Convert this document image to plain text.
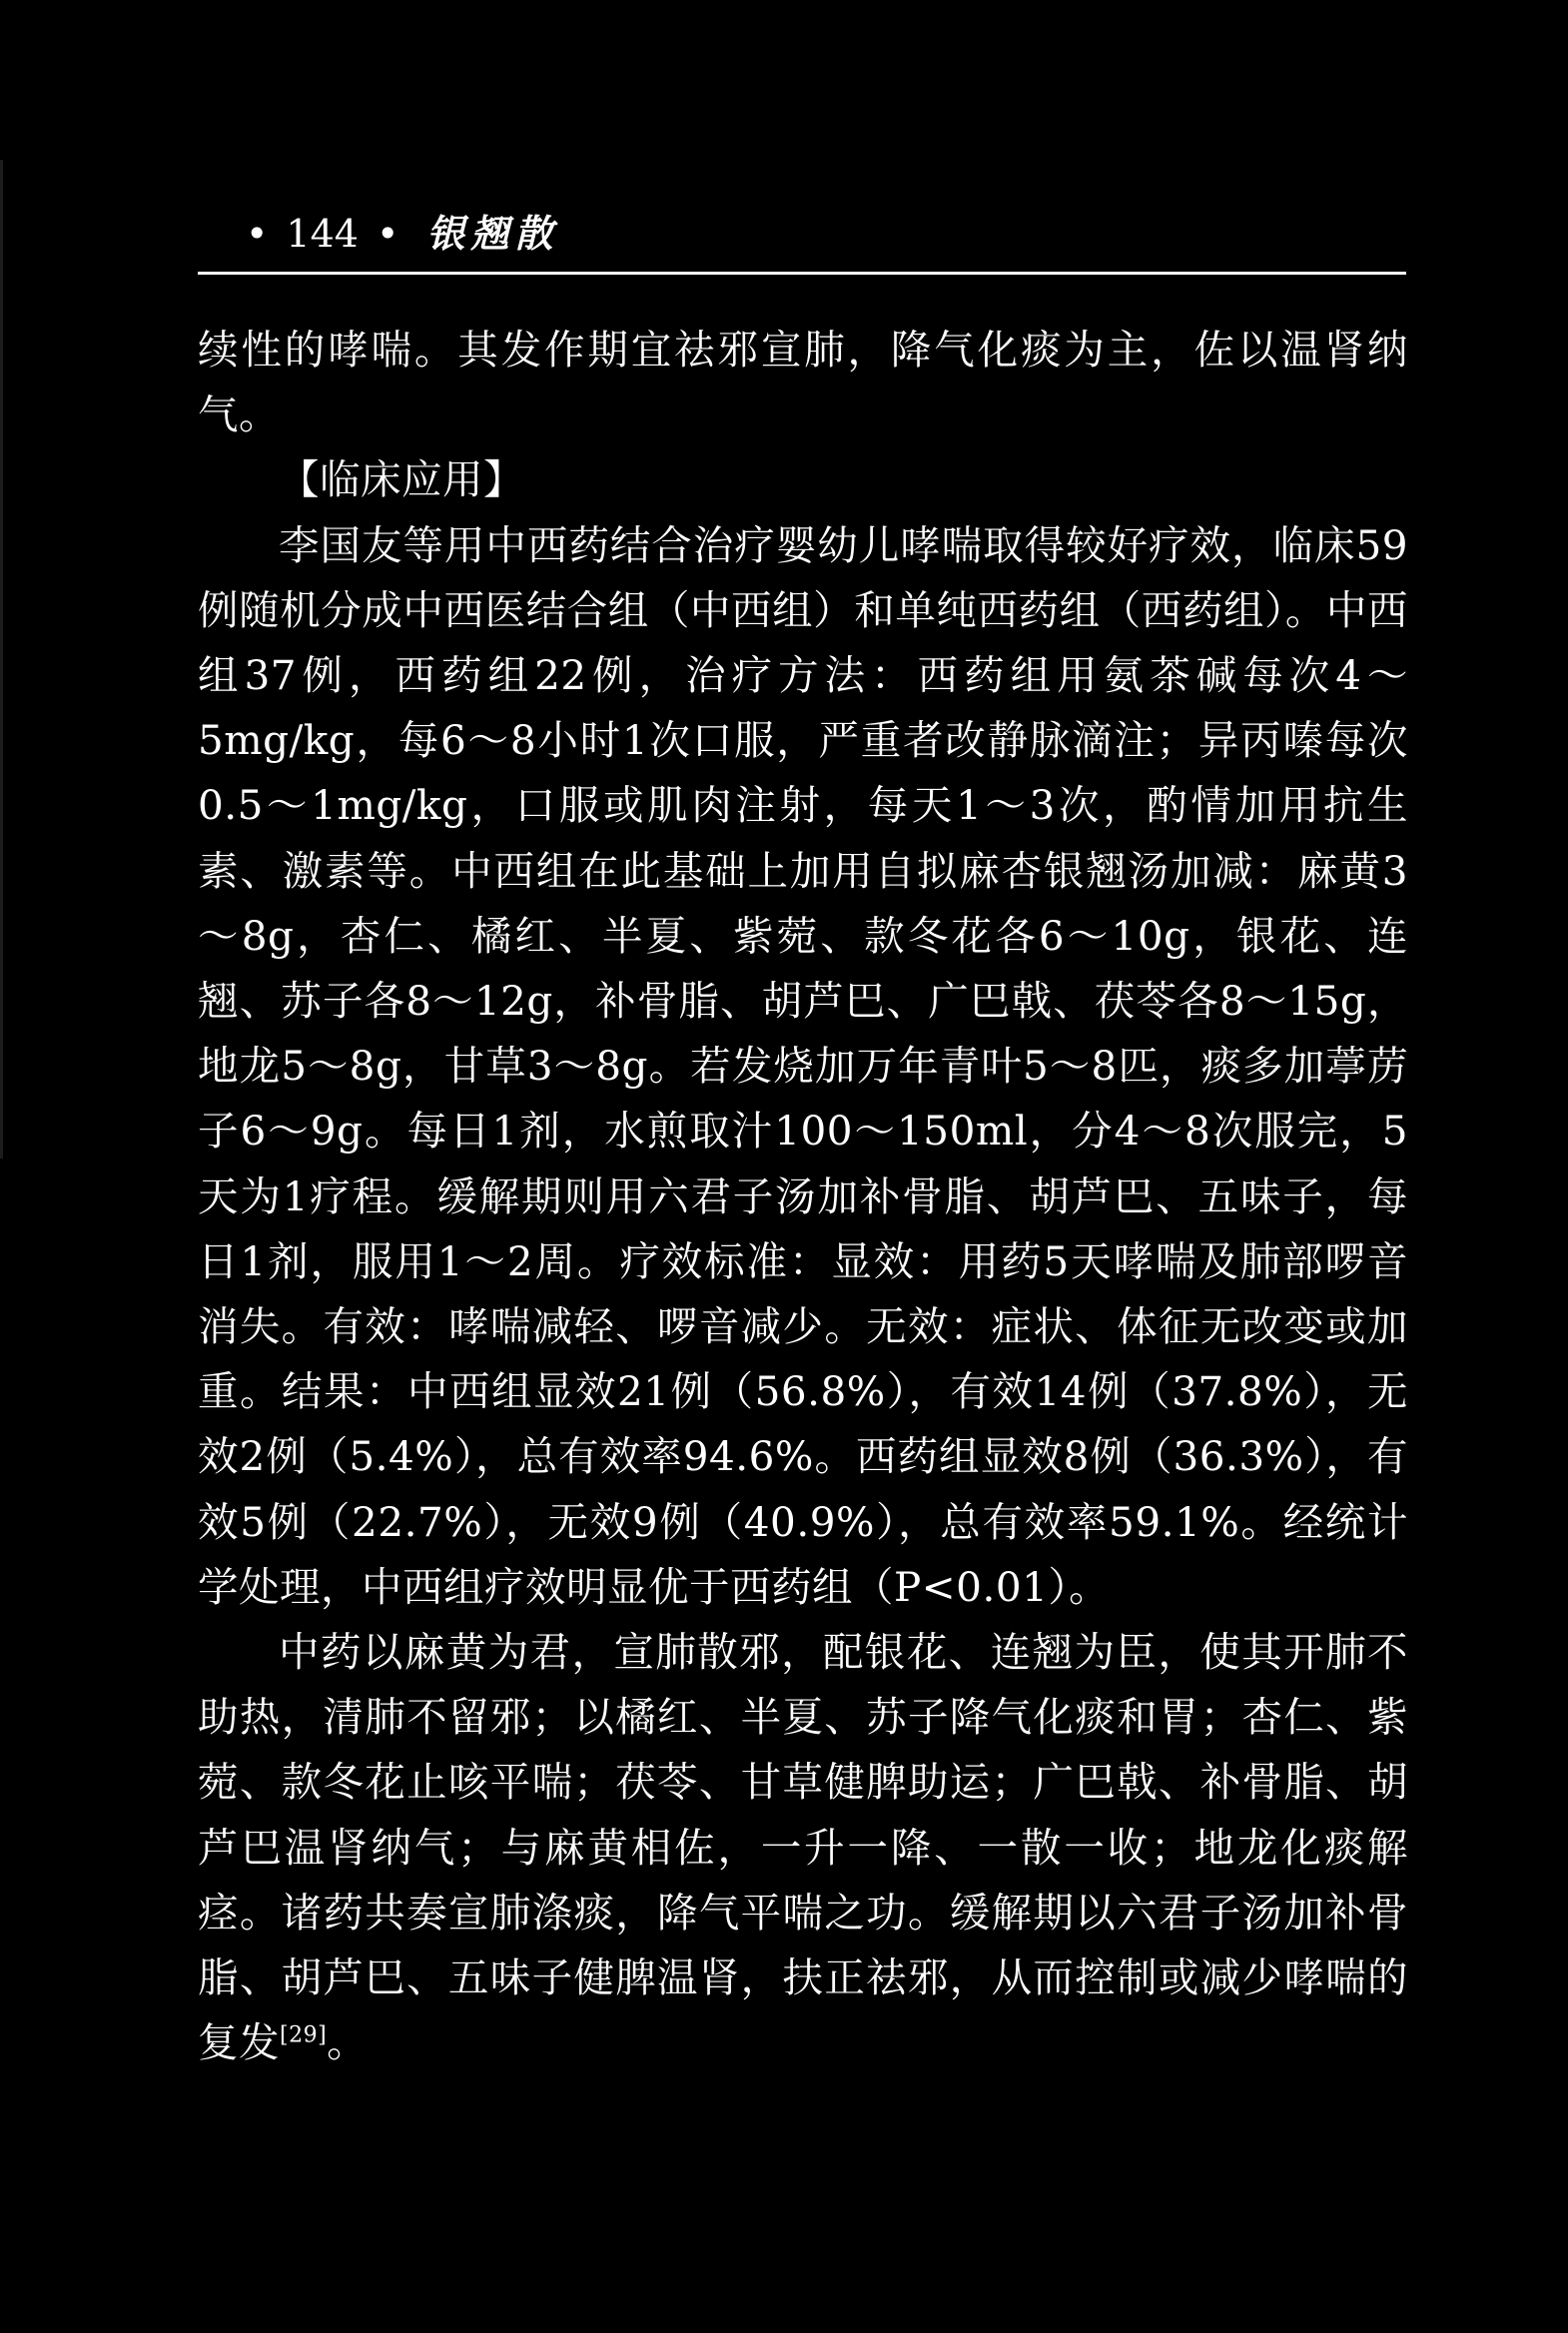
• 144 • 银翘散

续性的哮喘。其发作期宜祛邪宣肺，降气化痰为主，佐以温肾纳气。

【临床应用】

李国友等用中西药结合治疗婴幼儿哮喘取得较好疗效，临床59例随机分成中西医结合组（中西组）和单纯西药组（西药组）。中西组37例，西药组22例，治疗方法：西药组用氨茶碱每次4～5mg/kg，每6～8小时1次口服，严重者改静脉滴注；异丙嗪每次0.5～1mg/kg，口服或肌肉注射，每天1～3次，酌情加用抗生素、激素等。中西组在此基础上加用自拟麻杏银翘汤加减：麻黄3～8g，杏仁、橘红、半夏、紫菀、款冬花各6～10g，银花、连翘、苏子各8～12g，补骨脂、胡芦巴、广巴戟、茯苓各8～15g，地龙5～8g，甘草3～8g。若发烧加万年青叶5～8匹，痰多加葶苈子6～9g。每日1剂，水煎取汁100～150ml，分4～8次服完，5天为1疗程。缓解期则用六君子汤加补骨脂、胡芦巴、五味子，每日1剂，服用1～2周。疗效标准：显效：用药5天哮喘及肺部啰音消失。有效：哮喘减轻、啰音减少。无效：症状、体征无改变或加重。结果：中西组显效21例（56.8%），有效14例（37.8%），无效2例（5.4%），总有效率94.6%。西药组显效8例（36.3%），有效5例（22.7%），无效9例（40.9%），总有效率59.1%。经统计学处理，中西组疗效明显优于西药组（P<0.01）。

中药以麻黄为君，宣肺散邪，配银花、连翘为臣，使其开肺不助热，清肺不留邪；以橘红、半夏、苏子降气化痰和胃；杏仁、紫菀、款冬花止咳平喘；茯苓、甘草健脾助运；广巴戟、补骨脂、胡芦巴温肾纳气；与麻黄相佐，一升一降、一散一收；地龙化痰解痉。诸药共奏宣肺涤痰，降气平喘之功。缓解期以六君子汤加补骨脂、胡芦巴、五味子健脾温肾，扶正祛邪，从而控制或减少哮喘的复发[29]。
